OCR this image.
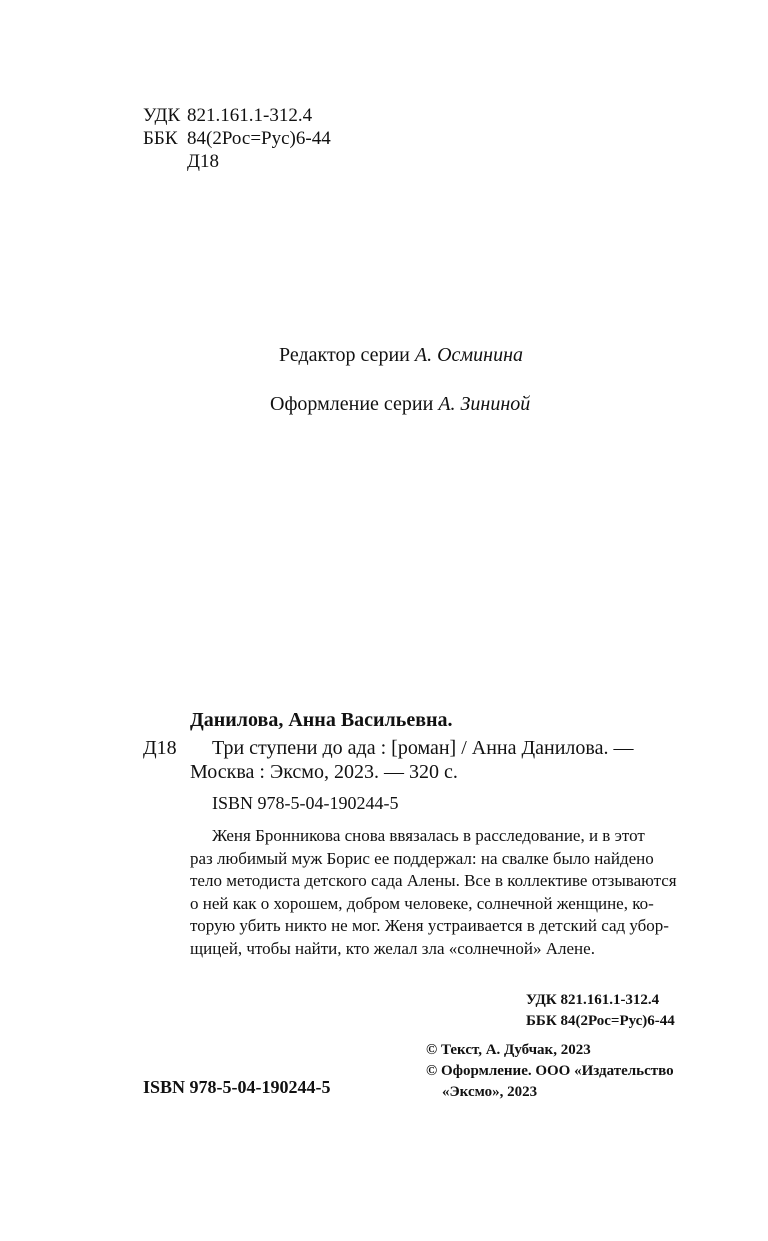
УДК 821.161.1-312.4
ББК 84(2Рос=Рус)6-44
Д18
Редактор серии А. Осминина
Оформление серии А. Зининой
Данилова, Анна Васильевна.
Д18 Три ступени до ада : [роман] / Анна Данилова. —
Москва : Эксмо, 2023. — 320 с.
ISBN 978-5-04-190244-5
Женя Бронникова снова ввязалась в расследование, и в этот
раз любимый муж Борис ее поддержал: на свалке было найдено
тело методиста детского сада Алены. Все в коллективе отзываются
о ней как о хорошем, добром человеке, солнечной женщине, ко-
торую убить никто не мог. Женя устраивается в детский сад убор-
щицей, чтобы найти, кто желал зла «солнечной» Алене.
УДК 821.161.1-312.4
ББК 84(2Рос=Рус)6-44
ISBN 978-5-04-190244-5
© Текст, А. Дубчак, 2023
© Оформление. ООО «Издательство
«Эксмо», 2023
